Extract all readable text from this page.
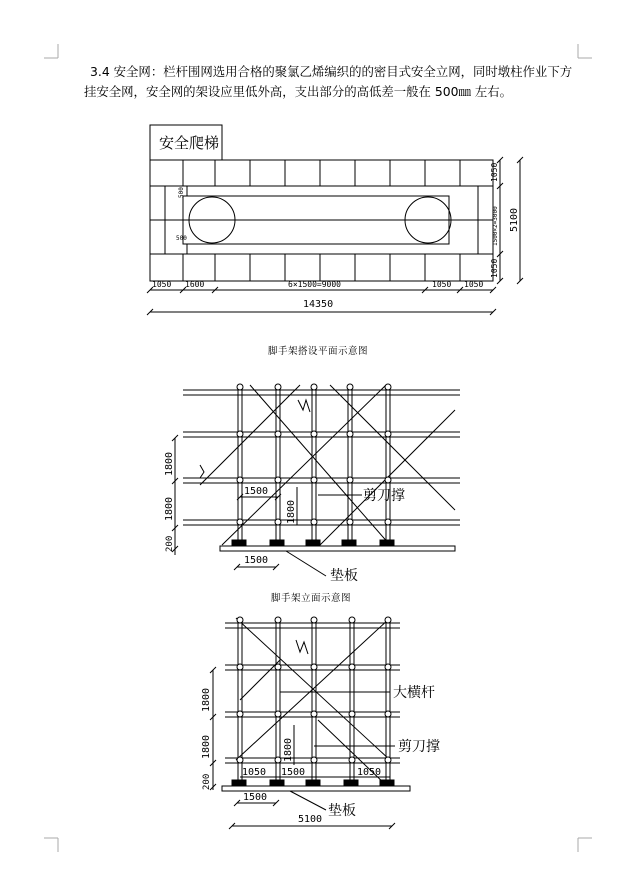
3.4 安全网：栏杆围网选用合格的聚氯乙烯编织的的密目式安全立网，同时墩柱作业下方挂安全网，安全网的架设应里低外高，支出部分的高低差一般在 500㎜ 左右。

安全爬梯
1050 1600	6×1500=9000	1050 1050
14350
1050
1500×2=3000
1050
5100
500
500
脚手架搭设平面示意图
1800
1800
200
1500
1800
1500
剪刀撑
垫板
脚手架立面示意图
1800
1800
200
1050 1500	1050
1800
1500
5100
大横杆
剪刀撑
垫板
